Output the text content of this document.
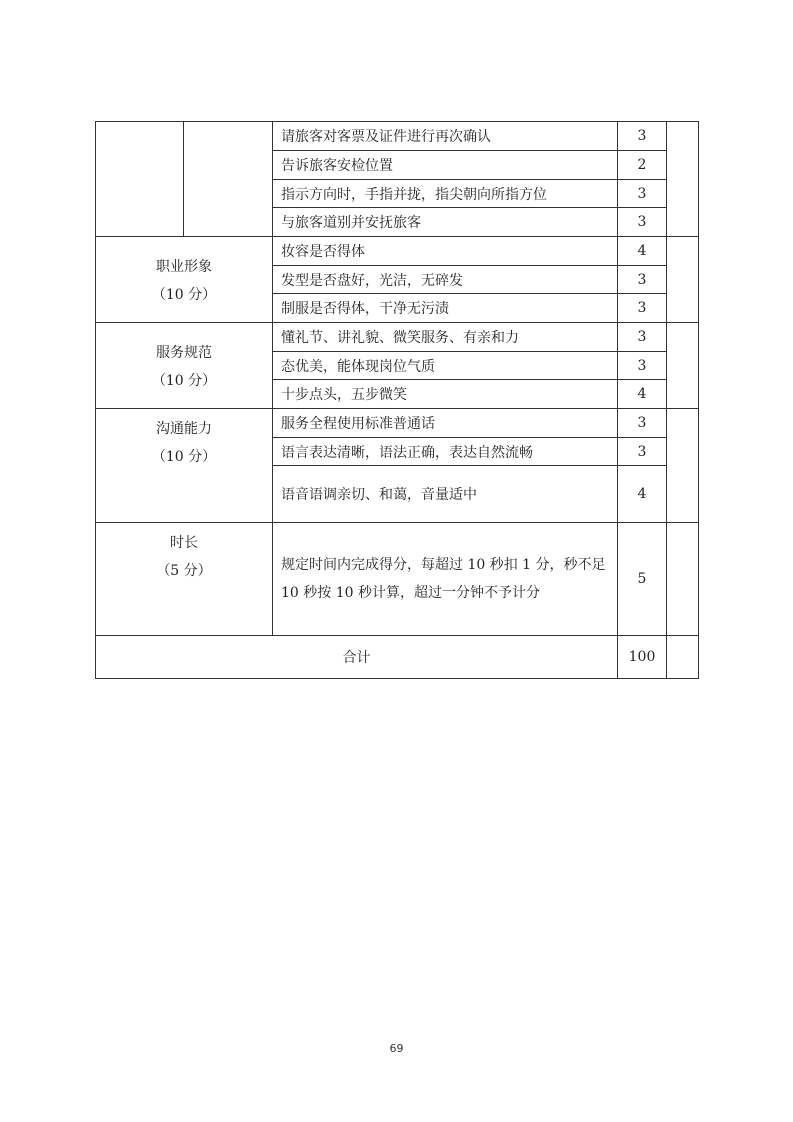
		请旅客对客票及证件进行再次确认	3	
		告诉旅客安检位置	2	
		指示方向时，手指并拢，指尖朝向所指方位	3	
		与旅客道别并安抚旅客	3	

职业形象
（10 分）		妆容是否得体	4	
		发型是否盘好，光洁，无碎发	3	
		制服是否得体，干净无污渍	3	

服务规范
（10 分）		懂礼节、讲礼貌、微笑服务、有亲和力	3	
		态优美，能体现岗位气质	3	
		十步点头，五步微笑	4	

沟通能力
（10 分）		服务全程使用标准普通话	3	
		语言表达清晰，语法正确，表达自然流畅	3	
		语音语调亲切、和蔼，音量适中	4	

时长
（5 分）		规定时间内完成得分，每超过 10 秒扣 1 分，秒不足 10 秒按 10 秒计算，超过一分钟不予计分	5	
合计			100	
69
